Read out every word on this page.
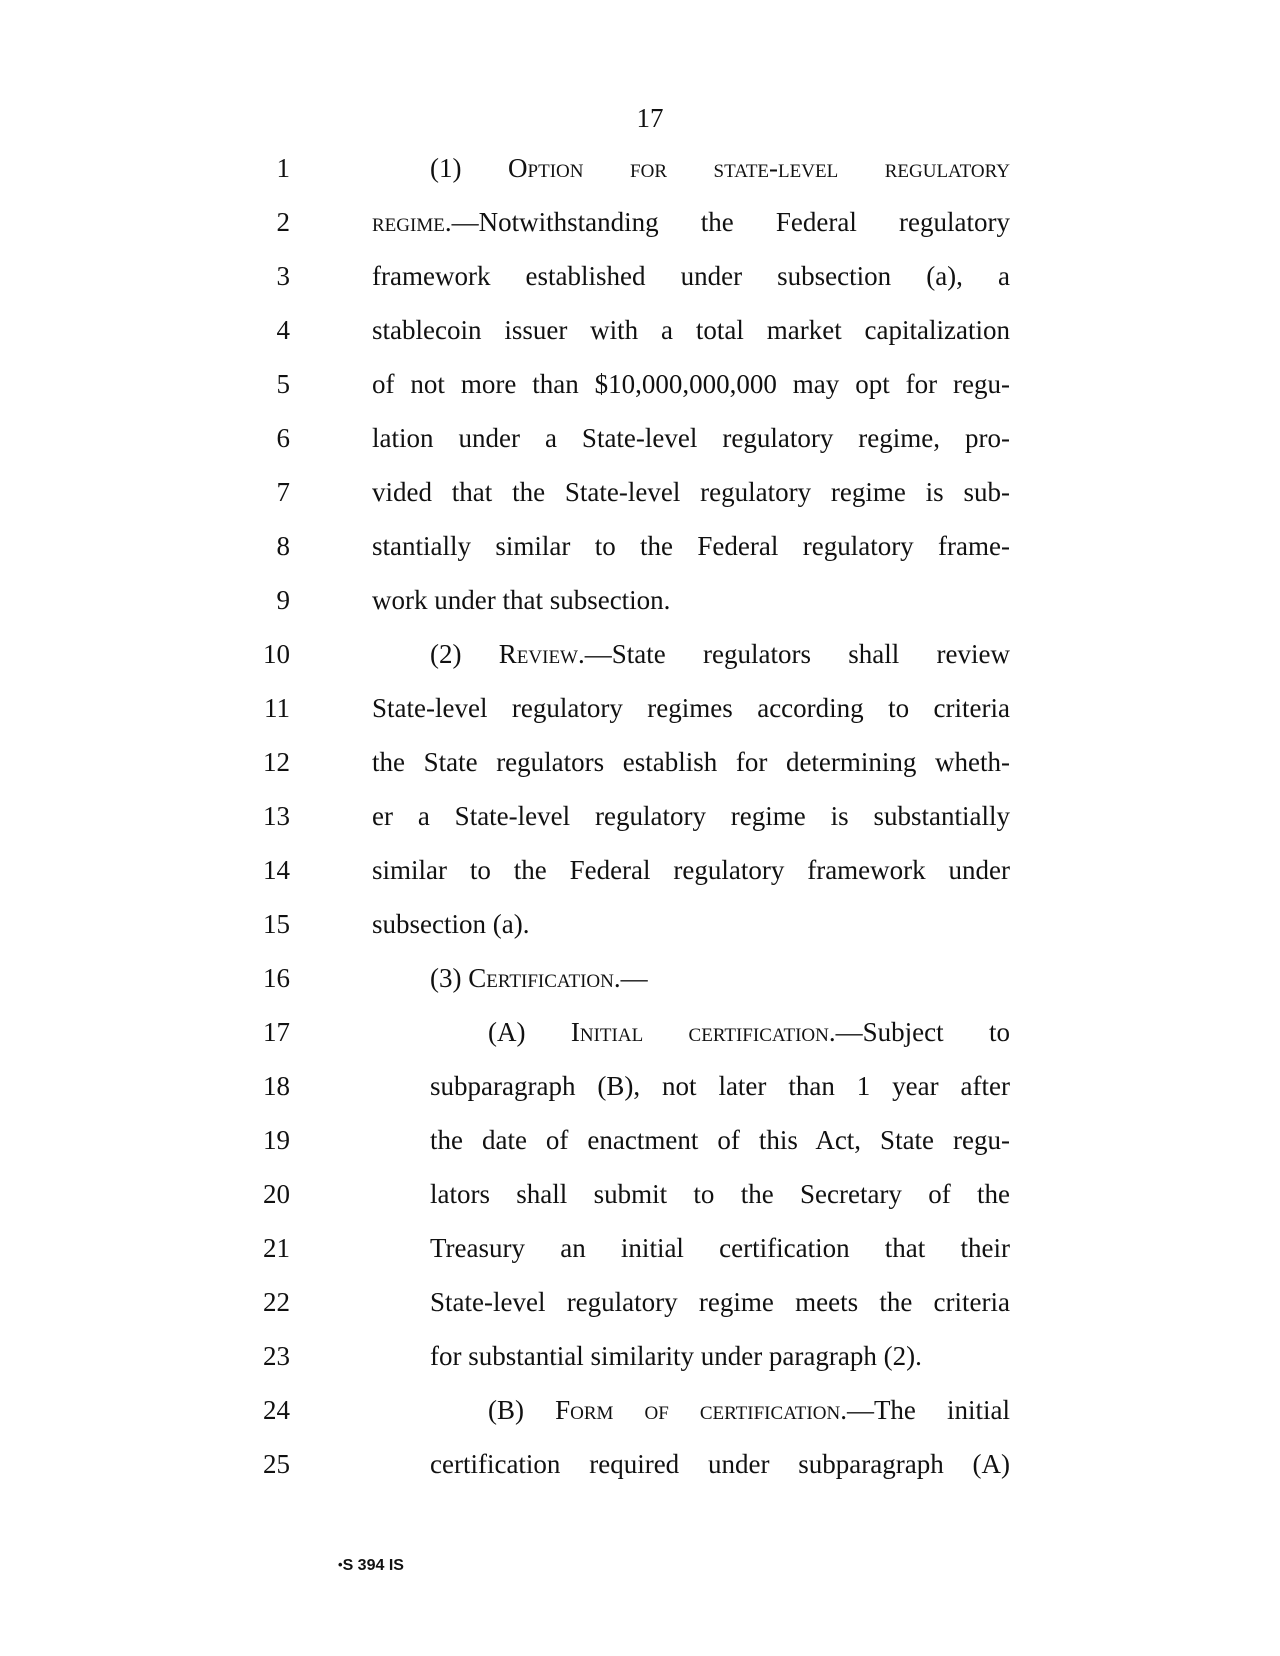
17
1	(1) Option for state-level regulatory
2	regime.—Notwithstanding the Federal regulatory
3	framework established under subsection (a), a
4	stablecoin issuer with a total market capitalization
5	of not more than $10,000,000,000 may opt for regu-
6	lation under a State-level regulatory regime, pro-
7	vided that the State-level regulatory regime is sub-
8	stantially similar to the Federal regulatory frame-
9	work under that subsection.
10	(2) Review.—State regulators shall review
11	State-level regulatory regimes according to criteria
12	the State regulators establish for determining wheth-
13	er a State-level regulatory regime is substantially
14	similar to the Federal regulatory framework under
15	subsection (a).
16	(3) Certification.—
17	(A) Initial certification.—Subject to
18	subparagraph (B), not later than 1 year after
19	the date of enactment of this Act, State regu-
20	lators shall submit to the Secretary of the
21	Treasury an initial certification that their
22	State-level regulatory regime meets the criteria
23	for substantial similarity under paragraph (2).
24	(B) Form of certification.—The initial
25	certification required under subparagraph (A)
•S 394 IS
